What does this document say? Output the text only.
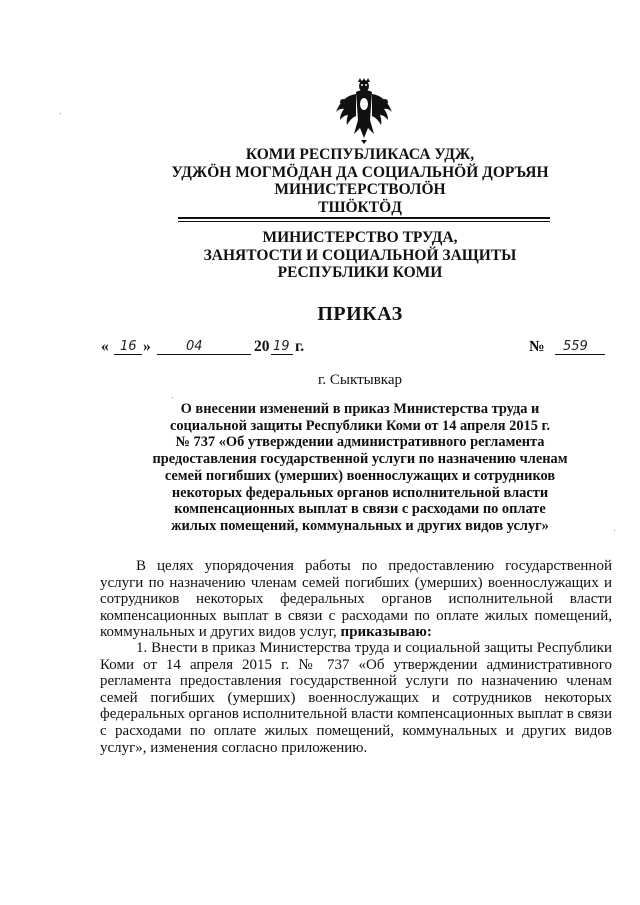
КОМИ РЕСПУБЛИКАСА УДЖ,
УДЖÖН МОГМÖДАН ДА СОЦИАЛЬНÖЙ ДОРЪЯН
МИНИСТЕРСТВОЛÖН
ТШÖКТÖД
МИНИСТЕРСТВО ТРУДА,
ЗАНЯТОСТИ И СОЦИАЛЬНОЙ ЗАЩИТЫ
РЕСПУБЛИКИ КОМИ
ПРИКАЗ
« 16 »	04	20 19 г.	№ 559
г. Сыктывкар
О внесении изменений в приказ Министерства труда и
социальной защиты Республики Коми от 14 апреля 2015 г.
№ 737 «Об утверждении административного регламента
предоставления государственной услуги по назначению членам
семей погибших (умерших) военнослужащих и сотрудников
некоторых федеральных органов исполнительной власти
компенсационных выплат в связи с расходами по оплате
жилых помещений, коммунальных и других видов услуг»

В целях упорядочения работы по предоставлению государственной услуги по назначению членам семей погибших (умерших) военнослужащих и сотрудников некоторых федеральных органов исполнительной власти компенсационных выплат в связи с расходами по оплате жилых помещений, коммунальных и других видов услуг, приказываю:

1. Внести в приказ Министерства труда и социальной защиты Республики Коми от 14 апреля 2015 г. № 737 «Об утверждении административного регламента предоставления государственной услуги по назначению членам семей погибших (умерших) военнослужащих и сотрудников некоторых федеральных органов исполнительной власти компенсационных выплат в связи с расходами по оплате жилых помещений, коммунальных и других видов услуг», изменения согласно приложению.
